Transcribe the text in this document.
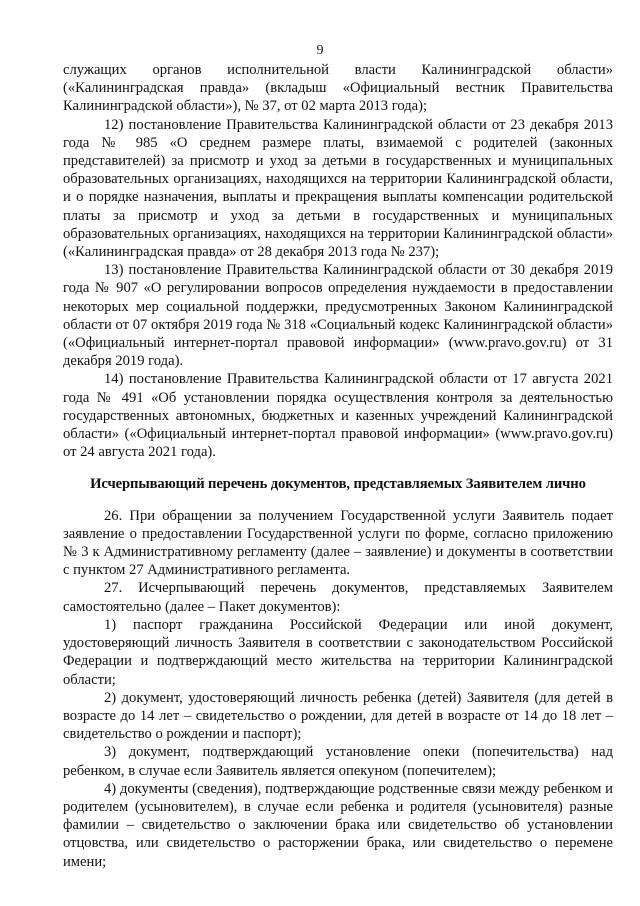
9

служащих органов исполнительной власти Калининградской области» («Калининградская правда» (вкладыш «Официальный вестник Правительства Калининградской области»), № 37, от 02 марта 2013 года);

12) постановление Правительства Калининградской области от 23 декабря 2013 года № 985 «О среднем размере платы, взимаемой с родителей (законных представителей) за присмотр и уход за детьми в государственных и муниципальных образовательных организациях, находящихся на территории Калининградской области, и о порядке назначения, выплаты и прекращения выплаты компенсации родительской платы за присмотр и уход за детьми в государственных и муниципальных образовательных организациях, находящихся на территории Калининградской области» («Калининградская правда» от 28 декабря 2013 года № 237);

13) постановление Правительства Калининградской области от 30 декабря 2019 года № 907 «О регулировании вопросов определения нуждаемости в предоставлении некоторых мер социальной поддержки, предусмотренных Законом Калининградской области от 07 октября 2019 года № 318 «Социальный кодекс Калининградской области» («Официальный интернет-портал правовой информации» (www.pravo.gov.ru) от 31 декабря 2019 года).

14) постановление Правительства Калининградской области от 17 августа 2021 года № 491 «Об установлении порядка осуществления контроля за деятельностью государственных автономных, бюджетных и казенных учреждений Калининградской области» («Официальный интернет-портал правовой информации» (www.pravo.gov.ru) от 24 августа 2021 года).

Исчерпывающий перечень документов, представляемых Заявителем лично

26. При обращении за получением Государственной услуги Заявитель подает заявление о предоставлении Государственной услуги по форме, согласно приложению № 3 к Административному регламенту (далее – заявление) и документы в соответствии с пунктом 27 Административного регламента.

27. Исчерпывающий перечень документов, представляемых Заявителем самостоятельно (далее – Пакет документов):

1) паспорт гражданина Российской Федерации или иной документ, удостоверяющий личность Заявителя в соответствии с законодательством Российской Федерации и подтверждающий место жительства на территории Калининградской области;

2) документ, удостоверяющий личность ребенка (детей) Заявителя (для детей в возрасте до 14 лет – свидетельство о рождении, для детей в возрасте от 14 до 18 лет – свидетельство о рождении и паспорт);

3) документ, подтверждающий установление опеки (попечительства) над ребенком, в случае если Заявитель является опекуном (попечителем);

4) документы (сведения), подтверждающие родственные связи между ребенком и родителем (усыновителем), в случае если ребенка и родителя (усыновителя) разные фамилии – свидетельство о заключении брака или свидетельство об установлении отцовства, или свидетельство о расторжении брака, или свидетельство о перемене имени;
